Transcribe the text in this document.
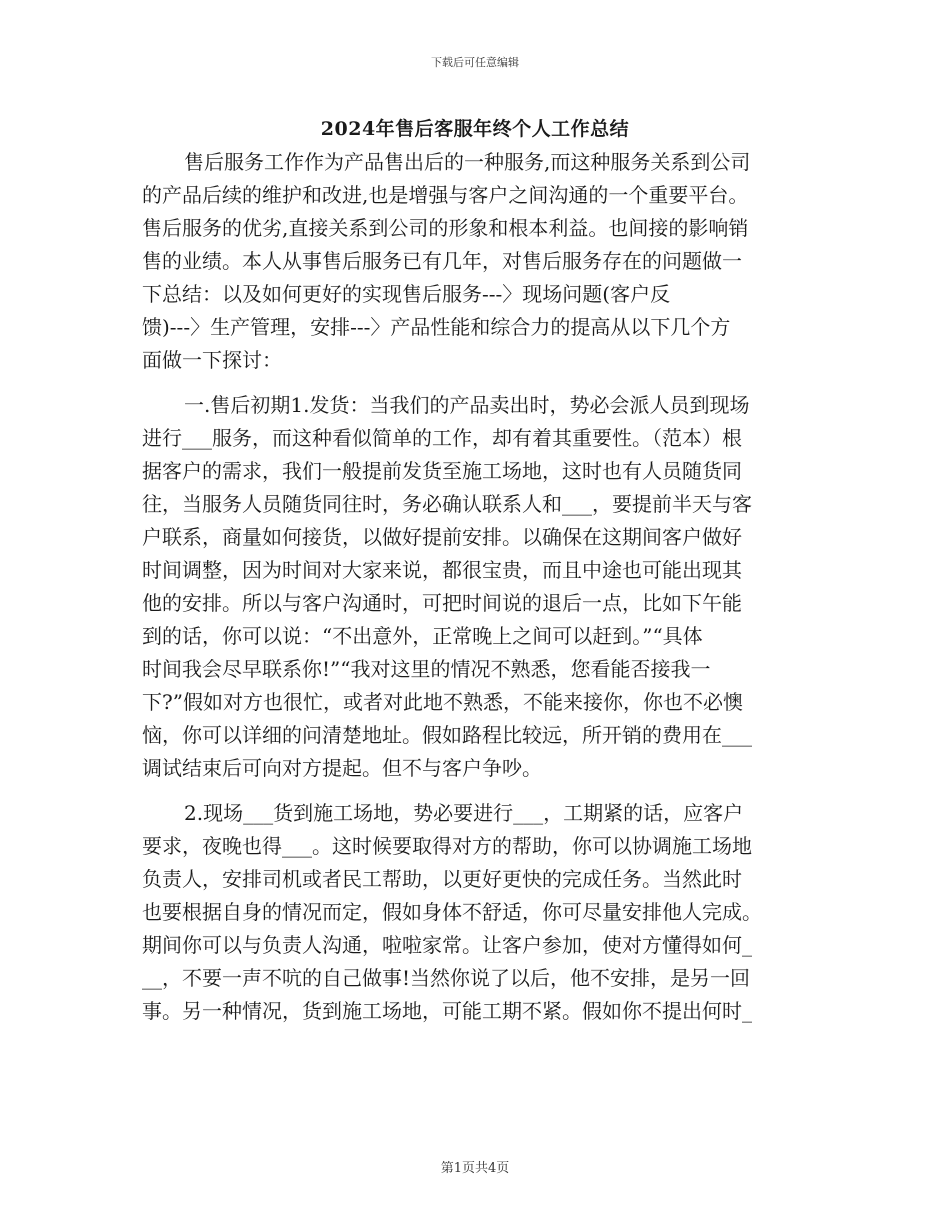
下载后可任意编辑
2024年售后客服年终个人工作总结
售后服务工作作为产品售出后的一种服务,而这种服务关系到公司
的产品后续的维护和改进,也是增强与客户之间沟通的一个重要平台。
售后服务的优劣,直接关系到公司的形象和根本利益。也间接的影响销
售的业绩。本人从事售后服务已有几年，对售后服务存在的问题做一
下总结：以及如何更好的实现售后服务---〉现场问题(客户反
馈)---〉生产管理，安排---〉产品性能和综合力的提高从以下几个方
面做一下探讨：
一.售后初期1.发货：当我们的产品卖出时，势必会派人员到现场
进行___服务，而这种看似简单的工作，却有着其重要性。（范本）根
据客户的需求，我们一般提前发货至施工场地，这时也有人员随货同
往，当服务人员随货同往时，务必确认联系人和___，要提前半天与客
户联系，商量如何接货，以做好提前安排。以确保在这期间客户做好
时间调整，因为时间对大家来说，都很宝贵，而且中途也可能出现其
他的安排。所以与客户沟通时，可把时间说的退后一点，比如下午能
到的话，你可以说：“不出意外，正常晚上之间可以赶到。”“具体
时间我会尽早联系你!”“我对这里的情况不熟悉，您看能否接我一
下?”假如对方也很忙，或者对此地不熟悉，不能来接你，你也不必懊
恼，你可以详细的问清楚地址。假如路程比较远，所开销的费用在___
调试结束后可向对方提起。但不与客户争吵。
2.现场___货到施工场地，势必要进行___，工期紧的话，应客户
要求，夜晚也得___。这时候要取得对方的帮助，你可以协调施工场地
负责人，安排司机或者民工帮助，以更好更快的完成任务。当然此时
也要根据自身的情况而定，假如身体不舒适，你可尽量安排他人完成。
期间你可以与负责人沟通，啦啦家常。让客户参加，使对方懂得如何_
__，不要一声不吭的自己做事!当然你说了以后，他不安排，是另一回
事。另一种情况，货到施工场地，可能工期不紧。假如你不提出何时_
第1页共4页
